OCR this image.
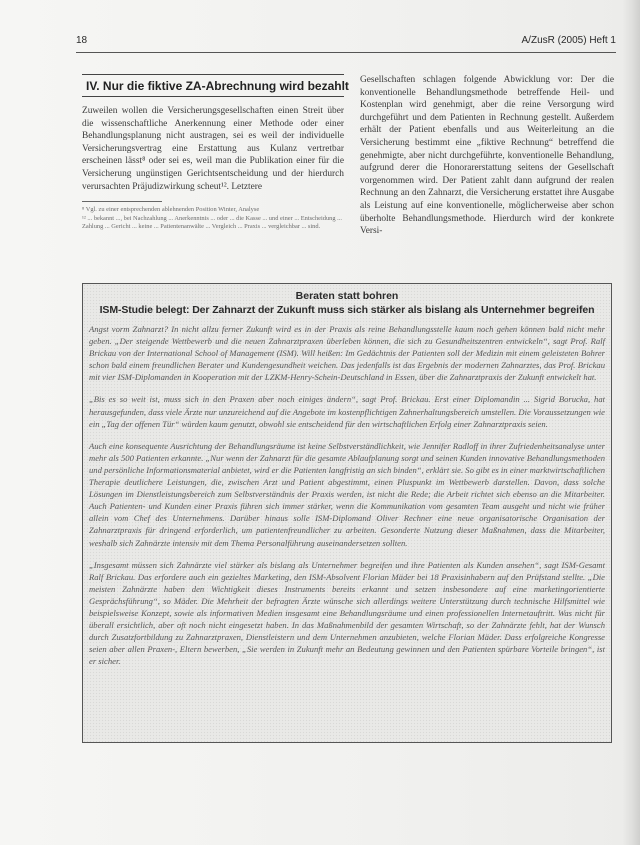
18	A/ZusR (2005) Heft 1
IV. Nur die fiktive ZA-Abrechnung wird bezahlt

Zuweilen wollen die Versicherungsgesellschaften einen Streit über die wissenschaftliche Anerkennung einer Methode oder einer Behandlungsplanung nicht austragen, sei es weil der individuelle Versicherungsvertrag eine Erstattung aus Kulanz vertretbar erscheinen lässt⁸ oder sei es, weil man die Publikation einer für die Versicherung ungünstigen Gerichtsentscheidung und der hierdurch verursachten Präjudizwirkung scheut¹². Letztere

⁸ Vgl. zu einer entsprechenden ablehnenden Position Winter, Analyse

¹² ... bekannt ..., bei Nachzahlung ... Anerkenntnis ... oder ... die Kasse ... und einer ... Entscheidung ... Zahlung ... Gericht ... keine ... Patientenanwälte ... Vergleich ... Praxis ... vergleichbar ... sind.

Gesellschaften schlagen folgende Abwicklung vor: Der die konventionelle Behandlungsmethode betreffende Heil- und Kostenplan wird genehmigt, aber die reine Versorgung wird durchgeführt und dem Patienten in Rechnung gestellt. Außerdem erhält der Patient ebenfalls und aus Weiterleitung an die Versicherung bestimmt eine „fiktive Rechnung“ betreffend die genehmigte, aber nicht durchgeführte, konventionelle Behandlung, aufgrund derer die Honorarerstattung seitens der Gesellschaft vorgenommen wird. Der Patient zahlt dann aufgrund der realen Rechnung an den Zahnarzt, die Versicherung erstattet ihre Ausgabe als Leistung auf eine konventionelle, möglicherweise aber schon überholte Behandlungsmethode. Hierdurch wird der konkrete Versi-

Beraten statt bohren
ISM-Studie belegt: Der Zahnarzt der Zukunft muss sich stärker als bislang als Unternehmer begreifen

Angst vorm Zahnarzt? In nicht allzu ferner Zukunft wird es in der Praxis als reine Behandlungsstelle kaum noch gehen können bald nicht mehr geben. „Der steigende Wettbewerb und die neuen Zahnarztpraxen überleben können, die sich zu Gesundheitszentren entwickeln“, sagt Prof. Ralf Brickau von der International School of Management (ISM). Will heißen: Im Gedächtnis der Patienten soll der Medizin mit einem geleisteten Bohrer schon bald einem freundlichen Berater und Kundengesundheit weichen. Das jedenfalls ist das Ergebnis der modernen Zahnarztes, das Prof. Brickau mit vier ISM-Diplomanden in Kooperation mit der LZKM-Henry-Schein-Deutschland in Essen, über die Zahnarztpraxis der Zukunft entwickelt hat.

„Bis es so weit ist, muss sich in den Praxen aber noch einiges ändern“, sagt Prof. Brickau. Erst einer Diplomandin ... Sigrid Borucka, hat herausgefunden, dass viele Ärzte nur unzureichend auf die Angebote im kostenpflichtigen Zahnerhaltungsbereich umstellen. Die Voraussetzungen wie ein „Tag der offenen Tür“ würden kaum genutzt, obwohl sie entscheidend für den wirtschaftlichen Erfolg einer Zahnarztpraxis seien.

Auch eine konsequente Ausrichtung der Behandlungsräume ist keine Selbstverständlichkeit, wie Jennifer Radloff in ihrer Zufriedenheitsanalyse unter mehr als 500 Patienten erkannte. „Nur wenn der Zahnarzt für die gesamte Ablaufplanung sorgt und seinen Kunden innovative Behandlungsmethoden und persönliche Informationsmaterial anbietet, wird er die Patienten langfristig an sich binden“, erklärt sie. So gibt es in einer marktwirtschaftlichen Therapie deutlichere Leistungen, die, zwischen Arzt und Patient abgestimmt, einen Pluspunkt im Wettbewerb darstellen. Davon, dass solche Lösungen im Dienstleistungsbereich zum Selbstverständnis der Praxis werden, ist nicht die Rede; die Arbeit richtet sich ebenso an die Mitarbeiter. Auch Patienten- und Kunden einer Praxis führen sich immer stärker, wenn die Kommunikation vom gesamten Team ausgeht und nicht wie früher allein vom Chef des Unternehmens. Darüber hinaus solle ISM-Diplomand Oliver Rechner eine neue organisatorische Organisation der Zahnarztpraxis für dringend erforderlich, um patientenfreundlicher zu arbeiten. Gesonderte Nutzung dieser Maßnahmen, dass die Mitarbeiter, weshalb sich Zahnärzte intensiv mit dem Thema Personalführung auseinandersetzen sollten.

„Insgesamt müssen sich Zahnärzte viel stärker als bislang als Unternehmer begreifen und ihre Patienten als Kunden ansehen“, sagt ISM-Gesamt Ralf Brickau. Das erfordere auch ein gezieltes Marketing, den ISM-Absolvent Florian Mäder bei 18 Praxisinhabern auf den Prüfstand stellte. „Die meisten Zahnärzte haben den Wichtigkeit dieses Instruments bereits erkannt und setzen insbesondere auf eine marketingorientierte Gesprächsführung“, so Mäder. Die Mehrheit der befragten Ärzte wünsche sich allerdings weitere Unterstützung durch technische Hilfsmittel wie beispielsweise Konzept, sowie als informativen Medien insgesamt eine Behandlungsräume und einen professionellen Internetauftritt. Was nicht für überall ersichtlich, aber oft noch nicht eingesetzt haben. In das Maßnahmenbild der gesamten Wirtschaft, so der Zahnärzte fehlt, hat der Wunsch durch Zusatzfortbildung zu Zahnarztpraxen, Dienstleistern und dem Unternehmen anzubieten, welche Florian Mäder. Dass erfolgreiche Kongresse seien aber allen Praxen-, Eltern bewerben, „Sie werden in Zukunft mehr an Bedeutung gewinnen und den Patienten spürbare Vorteile bringen“, ist er sicher.
